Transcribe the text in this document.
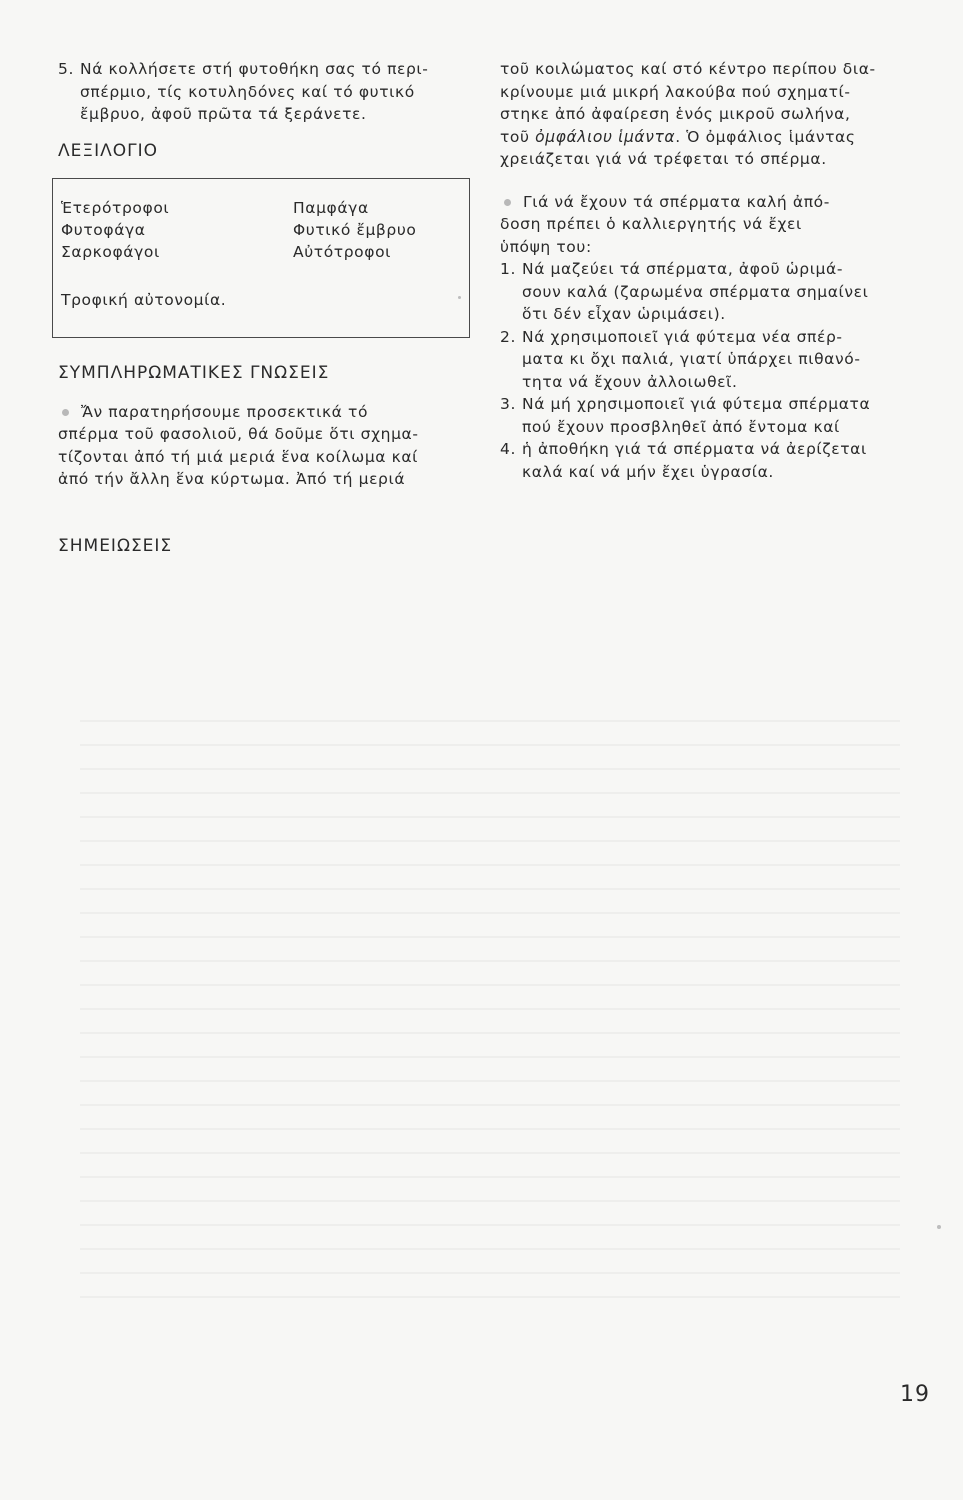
5. Νά κολλήσετε στή φυτοθήκη σας τό περι-
σπέρμιο, τίς κοτυληδόνες καί τό φυτικό
ἔμβρυο, ἀφοῦ πρῶτα τά ξεράνετε.
ΛΕΞΙΛΟΓΙΟ
Ἑτερότροφοι	Παμφάγα
Φυτοφάγα	Φυτικό ἔμβρυο
Σαρκοφάγοι	Αὐτότροφοι
Τροφική αὐτονομία.
ΣΥΜΠΛΗΡΩΜΑΤΙΚΕΣ ΓΝΩΣΕΙΣ
Ἄν παρατηρήσουμε προσεκτικά τό
σπέρμα τοῦ φασολιοῦ, θά δοῦμε ὅτι σχημα-
τίζονται ἀπό τή μιά μεριά ἕνα κοίλωμα καί
ἀπό τήν ἄλλη ἕνα κύρτωμα. Ἀπό τή μεριά
ΣΗΜΕΙΩΣΕΙΣ
τοῦ κοιλώματος καί στό κέντρο περίπου δια-
κρίνουμε μιά μικρή λακούβα πού σχηματί-
στηκε ἀπό ἀφαίρεση ἑνός μικροῦ σωλήνα,
τοῦ ὀμφάλιου ἱμάντα. Ὁ ὀμφάλιος ἱμάντας
χρειάζεται γιά νά τρέφεται τό σπέρμα.
Γιά νά ἔχουν τά σπέρματα καλή ἀπό-
δοση πρέπει ὁ καλλιεργητής νά ἔχει
ὑπόψη του:
1. Νά μαζεύει τά σπέρματα, ἀφοῦ ὡριμά-
σουν καλά (ζαρωμένα σπέρματα σημαίνει
ὅτι δέν εἶχαν ὡριμάσει).
2. Νά χρησιμοποιεῖ γιά φύτεμα νέα σπέρ-
ματα κι ὄχι παλιά, γιατί ὑπάρχει πιθανό-
τητα νά ἔχουν ἀλλοιωθεῖ.
3. Νά μή χρησιμοποιεῖ γιά φύτεμα σπέρματα
πού ἔχουν προσβληθεῖ ἀπό ἔντομα καί
4. ἡ ἀποθήκη γιά τά σπέρματα νά ἀερίζεται
καλά καί νά μήν ἔχει ὑγρασία.
19
